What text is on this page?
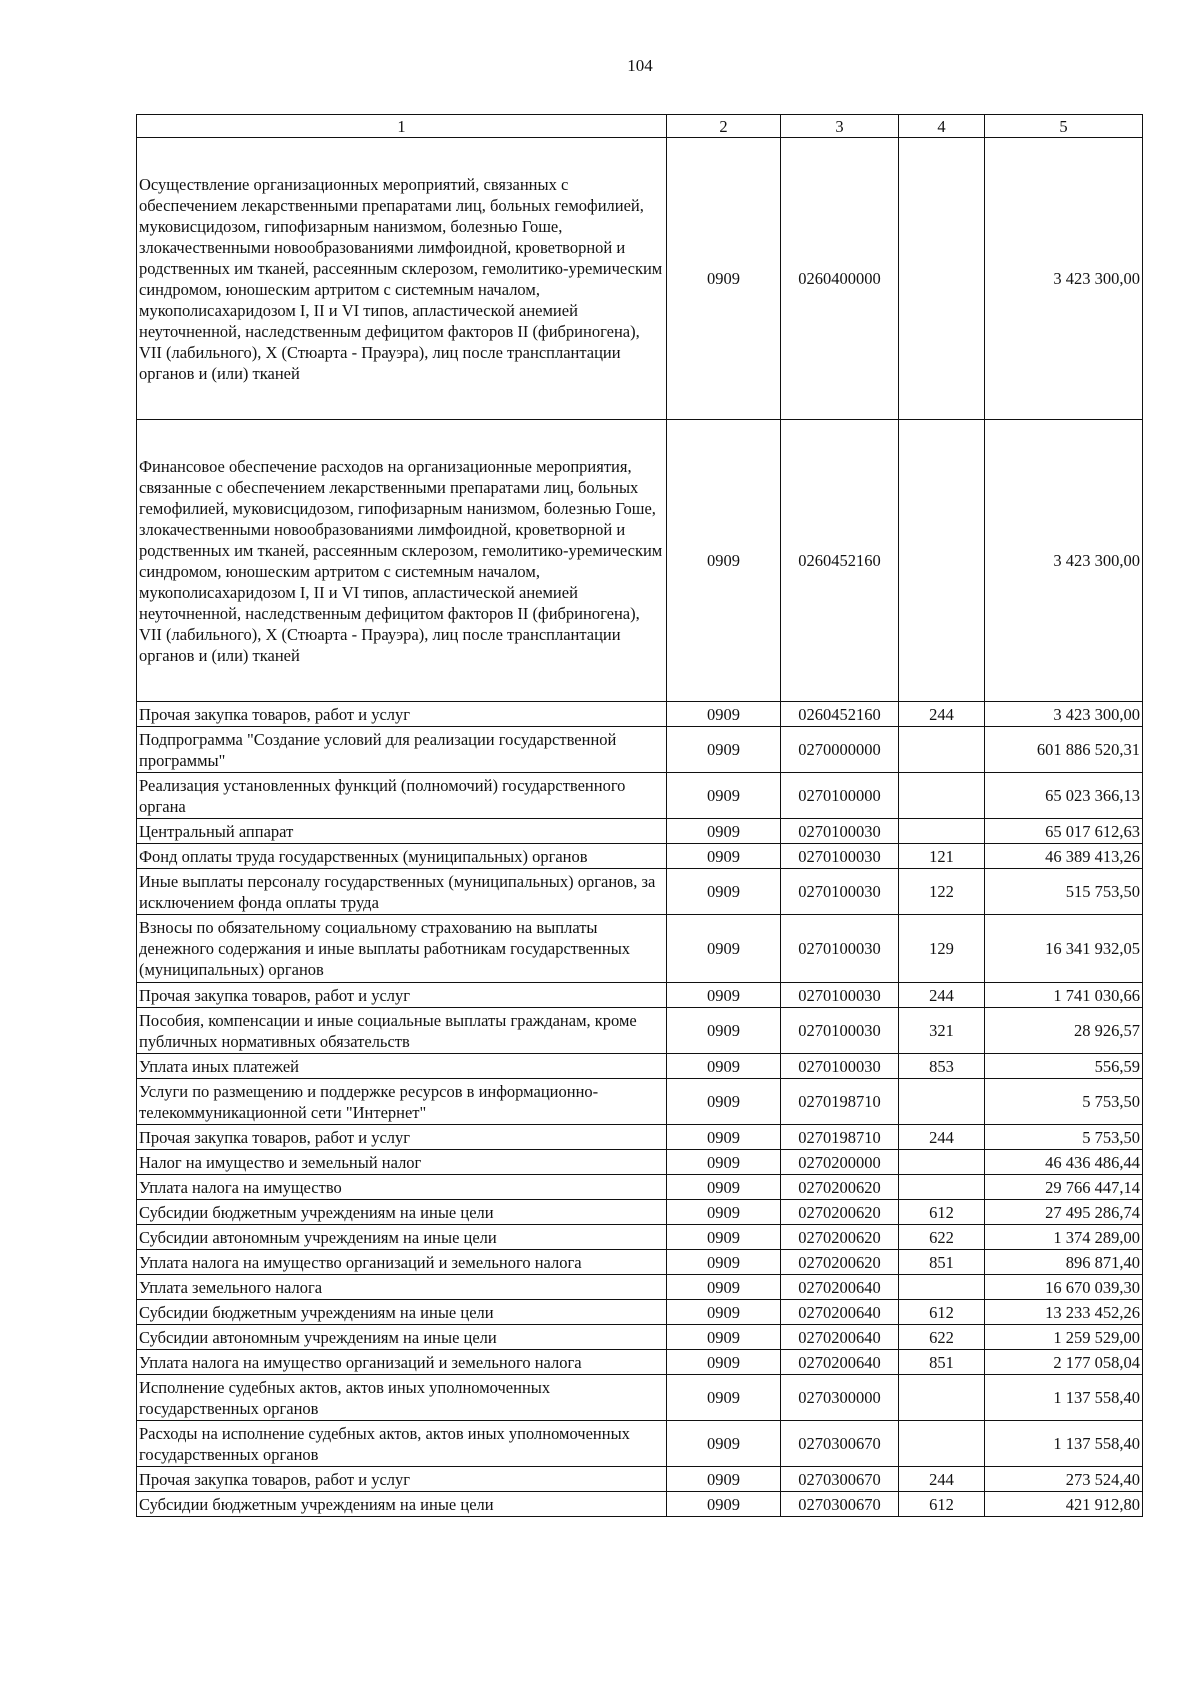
104
1	2	3	4	5
Осуществление организационных мероприятий, связанных с обеспечением лекарственными препаратами лиц, больных гемофилией, муковисцидозом, гипофизарным нанизмом, болезнью Гоше, злокачественными новообразованиями лимфоидной, кроветворной и родственных им тканей, рассеянным склерозом, гемолитико-уремическим синдромом, юношеским артритом с системным началом, мукополисахаридозом I, II и VI типов, апластической анемией неуточненной, наследственным дефицитом факторов II (фибриногена), VII (лабильного), X (Стюарта - Прауэра), лиц после трансплантации органов и (или) тканей	0909	0260400000		3 423 300,00
Финансовое обеспечение расходов на организационные мероприятия, связанные с обеспечением лекарственными препаратами лиц, больных гемофилией, муковисцидозом, гипофизарным нанизмом, болезнью Гоше, злокачественными новообразованиями лимфоидной, кроветворной и родственных им тканей, рассеянным склерозом, гемолитико-уремическим синдромом, юношеским артритом с системным началом, мукополисахаридозом I, II и VI типов, апластической анемией неуточненной, наследственным дефицитом факторов II (фибриногена), VII (лабильного), X (Стюарта - Прауэра), лиц после трансплантации органов и (или) тканей	0909	0260452160		3 423 300,00
Прочая закупка товаров, работ и услуг	0909	0260452160	244	3 423 300,00
Подпрограмма "Создание условий для реализации государственной программы"	0909	0270000000		601 886 520,31
Реализация установленных функций (полномочий) государственного органа	0909	0270100000		65 023 366,13
Центральный аппарат	0909	0270100030		65 017 612,63
Фонд оплаты труда государственных (муниципальных) органов	0909	0270100030	121	46 389 413,26
Иные выплаты персоналу государственных (муниципальных) органов, за исключением фонда оплаты труда	0909	0270100030	122	515 753,50
Взносы по обязательному социальному страхованию на выплаты денежного содержания и иные выплаты работникам государственных (муниципальных) органов	0909	0270100030	129	16 341 932,05
Прочая закупка товаров, работ и услуг	0909	0270100030	244	1 741 030,66
Пособия, компенсации и иные социальные выплаты гражданам, кроме публичных нормативных обязательств	0909	0270100030	321	28 926,57
Уплата иных платежей	0909	0270100030	853	556,59
Услуги по размещению и поддержке ресурсов в информационно-телекоммуникационной сети "Интернет"	0909	0270198710		5 753,50
Прочая закупка товаров, работ и услуг	0909	0270198710	244	5 753,50
Налог на имущество и земельный налог	0909	0270200000		46 436 486,44
Уплата налога на имущество	0909	0270200620		29 766 447,14
Субсидии бюджетным учреждениям на иные цели	0909	0270200620	612	27 495 286,74
Субсидии автономным учреждениям на иные цели	0909	0270200620	622	1 374 289,00
Уплата налога на имущество организаций и земельного налога	0909	0270200620	851	896 871,40
Уплата земельного налога	0909	0270200640		16 670 039,30
Субсидии бюджетным учреждениям на иные цели	0909	0270200640	612	13 233 452,26
Субсидии автономным учреждениям на иные цели	0909	0270200640	622	1 259 529,00
Уплата налога на имущество организаций и земельного налога	0909	0270200640	851	2 177 058,04
Исполнение судебных актов, актов иных уполномоченных государственных органов	0909	0270300000		1 137 558,40
Расходы на исполнение судебных актов, актов иных уполномоченных государственных органов	0909	0270300670		1 137 558,40
Прочая закупка товаров, работ и услуг	0909	0270300670	244	273 524,40
Субсидии бюджетным учреждениям на иные цели	0909	0270300670	612	421 912,80
